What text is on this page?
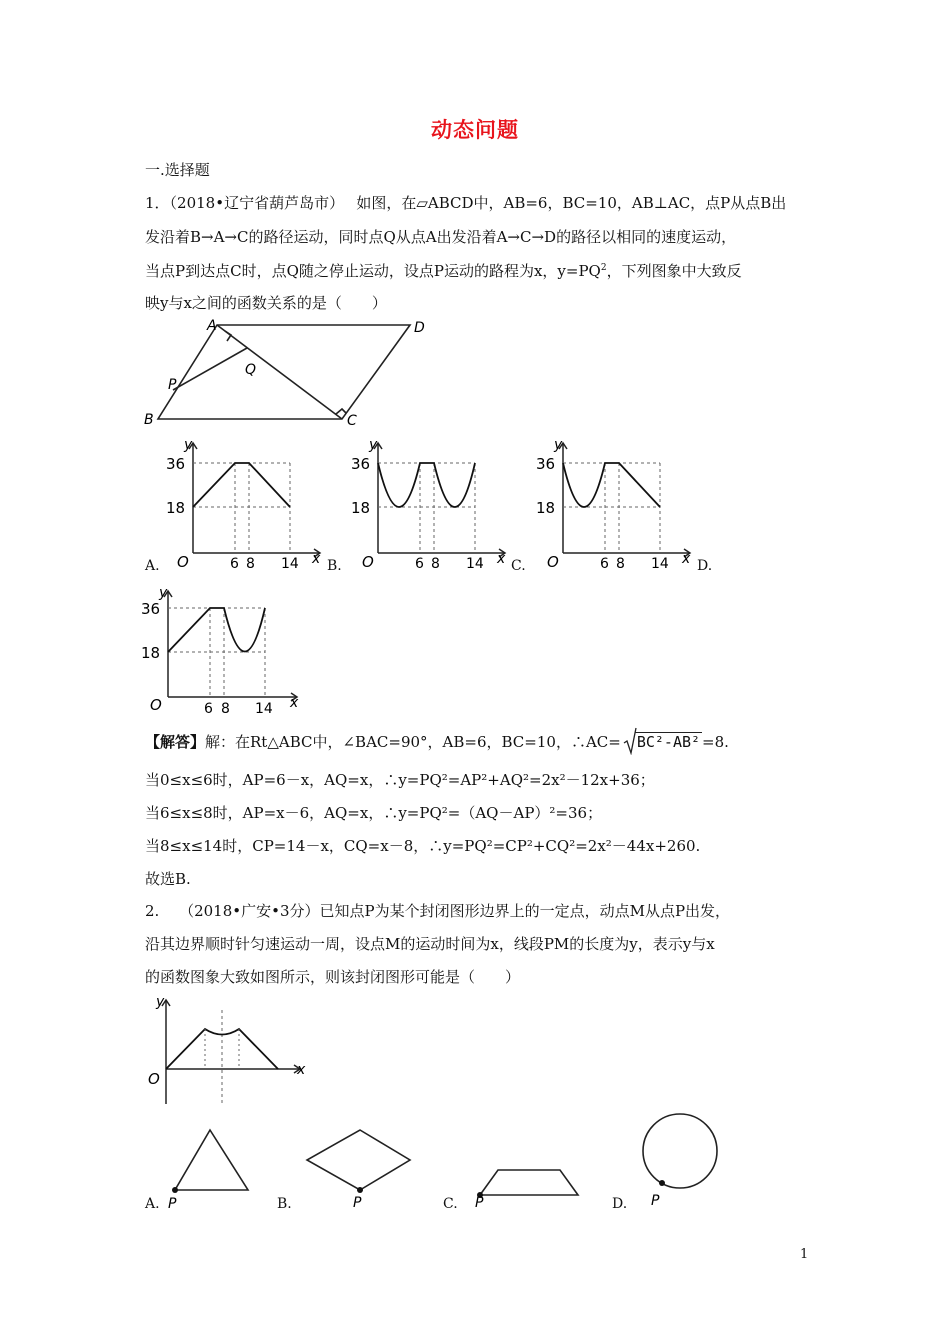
动态问题
一.选择题
1．（2018•辽宁省葫芦岛市）　 如图，在▱ABCD中，AB=6，BC=10，AB⊥AC，点P从点B出
发沿着B→A→C的路径运动，同时点Q从点A出发沿着A→C→D的路径以相同的速度运动，
当点P到达点C时，点Q随之停止运动，设点P运动的路程为x，$y=PQ^2$，下列图象中大致反
映y与x之间的函数关系的是（　　）
A	D
B	C
P
Q
y
36
18
O	6 8 14 x
A.
y
36
18
O	6 8 14 x
B.
y
36
18
O	6 8 14 x
C.	D.
y
36
18
O	6 8 14 x
【解答】解：在Rt△ABC中，∠BAC=90°，AB=6，BC=10，∴AC= BC²-AB² =8.
当0≤x≤6时，AP=6－x，AQ=x，∴y=PQ²=AP²+AQ²=2x²－12x+36；
当6≤x≤8时，AP=x－6，AQ=x，∴y=PQ²=（AQ－AP）²=36；
当8≤x≤14时，CP=14－x，CQ=x－8，∴y=PQ²=CP²+CQ²=2x²－44x+260.
故选B.
2.　 （2018•广安•3分）已知点P为某个封闭图形边界上的一定点，动点M从点P出发，
沿其边界顺时针匀速运动一周，设点M的运动时间为x，线段PM的长度为y，表示y与x
的函数图象大致如图所示，则该封闭图形可能是（　　）
y
O	x
P
A.	P
B.	P
C.	P
D.
1
